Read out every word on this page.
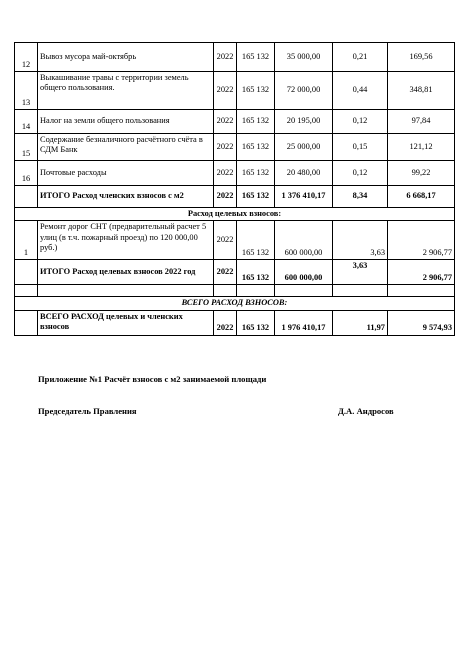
12	Вывоз мусора май-октябрь	2022	165 132	35 000,00	0,21	169,56
13	Выкашивание травы с территории земель общего пользования.	2022	165 132	72 000,00	0,44	348,81
14	Налог на земли общего пользования	2022	165 132	20 195,00	0,12	97,84
15	Содержание безналичного расчётного счёта в СДМ Банк	2022	165 132	25 000,00	0,15	121,12
16	Почтовые расходы	2022	165 132	20 480,00	0,12	99,22
	ИТОГО Расход членских взносов с м2	2022	165 132	1 376 410,17	8,34	6 668,17
Расход целевых взносов:						
1	Ремонт дорог СНТ (предварительный расчет 5 улиц (в т.ч. пожарный проезд) по 120 000,00 руб.)	2022	165 132	600 000,00	3,63	2 906,77
	ИТОГО Расход целевых взносов 2022 год	2022	165 132	600 000,00	3,63	2 906,77

ВСЕГО РАСХОД ВЗНОСОВ:						
	ВСЕГО РАСХОД целевых и членских взносов	2022	165 132	1 976 410,17	11,97	9 574,93
Приложение №1 Расчёт взносов с м2 занимаемой площади
Председатель Правления	Д.А. Андросов
